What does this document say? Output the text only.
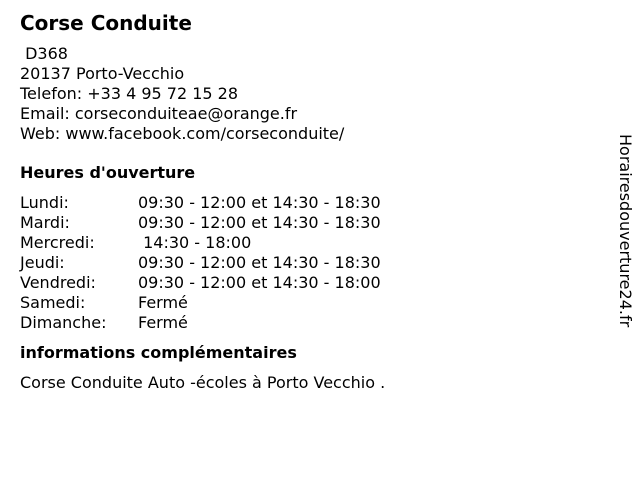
Corse Conduite
D368
20137 Porto-Vecchio
Telefon: +33 4 95 72 15 28
Email: corseconduiteae@orange.fr
Web: www.facebook.com/corseconduite/
Heures d'ouverture
Lundi:	09:30 - 12:00 et 14:30 - 18:30
Mardi:	09:30 - 12:00 et 14:30 - 18:30
Mercredi:	14:30 - 18:00
Jeudi:	09:30 - 12:00 et 14:30 - 18:30
Vendredi:	09:30 - 12:00 et 14:30 - 18:00
Samedi:	Fermé
Dimanche:	Fermé
informations complémentaires
Corse Conduite Auto -écoles à Porto Vecchio .
Horairesdouverture24.fr
